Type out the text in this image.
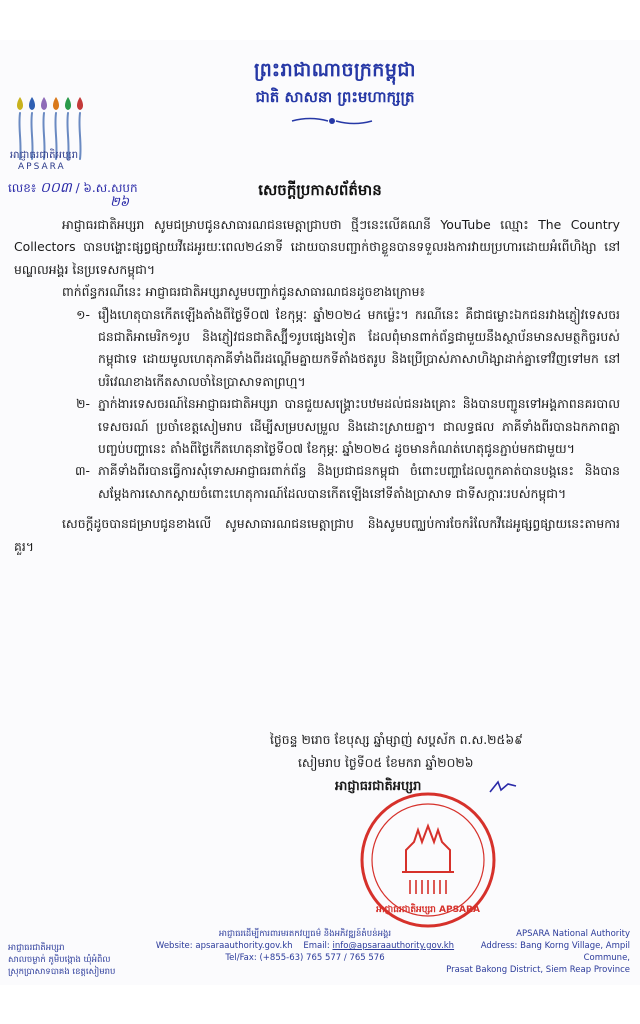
អាជ្ញាធរជាតិអប្សរា
APSARA
ព្រះរាជាណាចក្រកម្ពុជា
ជាតិ សាសនា ព្រះមហាក្សត្រ
លេខ៖ ០០៣ / ៦.ស.សបក
២៦
សេចក្តីប្រកាសព័ត៌មាន

អាជ្ញាធរជាតិអប្សរា សូមជម្រាបជូនសាធារណជនមេត្តាជ្រាបថា ថ្មីៗនេះលើគណនី YouTube ឈ្មោះ The Country Collectors បានបង្ហោះផ្សព្វផ្សាយវីដេអូរយៈពេល២៤នាទី ដោយបានបញ្ជាក់ថាខ្លួនបានទទួលរងការវាយប្រហារដោយអំពើហិង្សា នៅមណ្ឌលអង្គរ នៃប្រទេសកម្ពុជា។

ពាក់ព័ន្ធករណីនេះ អាជ្ញាធរជាតិអប្សរាសូមបញ្ជាក់ជូនសាធារណជនដូចខាងក្រោម៖

១- រឿងហេតុបានកើតឡើងតាំងពីថ្ងៃទី០៧ ខែកុម្ភៈ ឆ្នាំ២០២៤ មកម្ល៉េះ។ ករណីនេះ គឺជាជម្លោះឯកជនរវាងភ្ញៀវទេសចរជនជាតិអាមេរិក១រូប និងភ្ញៀវជនជាតិស្ប៊ី១រូបផ្សេងទៀត ដែលពុំមានពាក់ព័ន្ធជាមួយនឹងស្ថាប័នមានសមត្ថកិច្ចរបស់កម្ពុជាទេ ដោយមូលហេតុភាគីទាំងពីរដណ្តើមគ្នាយកទីតាំងថតរូប និងប្រើប្រាស់ភាសាហិង្សាដាក់គ្នាទៅវិញទៅមក នៅបរិវេណខាងកើតសាលចាំនៃប្រាសាទតាព្រហ្ម។
២- ភ្នាក់ងារទេសចរណ៍នៃអាជ្ញាធរជាតិអប្សរា បានជួយសង្គ្រោះបឋមដល់ជនរងគ្រោះ និងបានបញ្ជូនទៅអង្គភាពនគរបាលទេសចរណ៍ ប្រចាំខេត្តសៀមរាប ដើម្បីសម្របសម្រួល និងដោះស្រាយគ្នា។ ជាលទ្ធផល ភាគីទាំងពីរបានឯកភាពគ្នាបញ្ចប់បញ្ហានេះ តាំងពីថ្ងៃកើតហេតុនាថ្ងៃទី០៧ ខែកុម្ភៈ ឆ្នាំ២០២៤ ដូចមានកំណត់ហេតុជូនភ្ជាប់មកជាមួយ។
៣- ភាគីទាំងពីរបានធ្វើការសុំទោសអាជ្ញាធរពាក់ព័ន្ធ និងប្រជាជនកម្ពុជា ចំពោះបញ្ហាដែលពួកគាត់បានបង្ក‌នេះ និងបានសម្តែងការសោកស្តាយចំពោះហេតុការណ៍ដែលបានកើតឡើងនៅទីតាំងប្រាសាទ ជាទីសក្ការៈរបស់កម្ពុជា។

សេចក្តីដូចបានជម្រាបជូនខាងលើ សូមសាធារណជនមេត្តាជ្រាប និងសូមបញ្ឈប់ការចែករំលែកវីដេអូផ្សព្វផ្សាយនេះតាមការគួរ។

ថ្ងៃចន្ទ ២រោច ខែបុស្ស ឆ្នាំម្សាញ់ សប្តស័ក ព.ស.២៥៦៩
សៀមរាប ថ្ងៃទី០៥ ខែមករា ឆ្នាំ២០២៦
អាជ្ញាធរជាតិអប្សរា
អាជ្ញាធរជាតិអប្សរា APSARA
អាជ្ញាធរជាតិអប្សរា
សាលចម្ងាក់ ភូមិបង្កោង ឃុំអំពិល
ស្រុកប្រាសាទបាគង ខេត្តសៀមរាប
អាជ្ញាធរដើម្បីការពារមរតកវប្បធម៌ និងអភិវឌ្ឍន៍តំបន់អង្គរ
Website: apsaraauthority.gov.kh Email: info@apsaraauthority.gov.kh
Tel/Fax: (+855-63) 765 577 / 765 576
APSARA National Authority
Address: Bang Korng Village, Ampil Commune,
Prasat Bakong District, Siem Reap Province
